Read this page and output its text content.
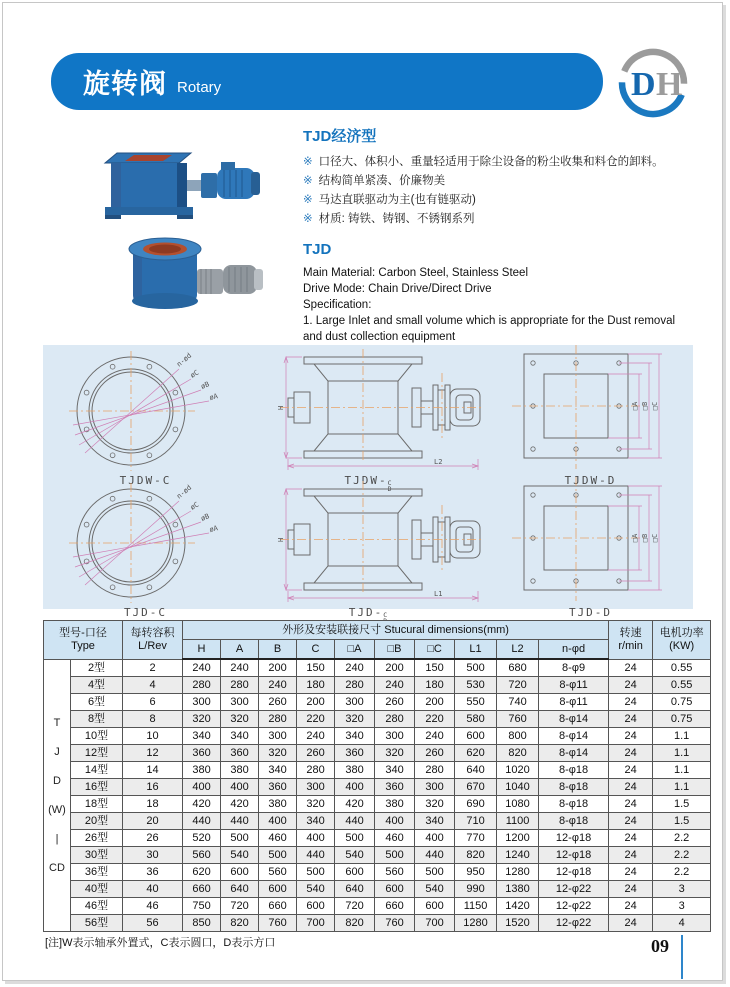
旋转阀 Rotary	D H
TJD经济型
※ 口径大、体积小、重量轻适用于除尘设备的粉尘收集和料仓的卸料。
※ 结构简单紧凑、价廉物美
※ 马达直联驱动为主(也有链驱动)
※ 材质: 铸铁、铸钢、不锈钢系列
TJD
Main Material: Carbon Steel, Stainless Steel
Drive Mode: Chain Drive/Direct Drive
Specification:
1. Large Inlet and small volume which is appropriate for the Dust removal
and dust collection equipment
n-ød
øC
øB
øA
TJDW-C
H
L2
TJDW- C
D
□A □B □C
TJDW-D
n-ød
øC
øB
øA
TJD-C
H
L1
TJD- C
□A □B □C
TJD-D
型号-口径
Type		每转容积
L/Rev	外形及安装联接尺寸 Stucural dimensions(mm)										转速
r/min	电机功率
(KW)
			H	A	B	C	□A	□B	□C	L1	L2	n-φd		

T
J
D
(W)
|
CD
	2型	2	240	240	200	150	240	200	150	500	680	8-φ9	24	0.55
	4型	4	280	280	240	180	280	240	180	530	720	8-φ11	24	0.55
	6型	6	300	300	260	200	300	260	200	550	740	8-φ11	24	0.75
	8型	8	320	320	280	220	320	280	220	580	760	8-φ14	24	0.75
	10型	10	340	340	300	240	340	300	240	600	800	8-φ14	24	1.1
	12型	12	360	360	320	260	360	320	260	620	820	8-φ14	24	1.1
	14型	14	380	380	340	280	380	340	280	640	1020	8-φ18	24	1.1
	16型	16	400	400	360	300	400	360	300	670	1040	8-φ18	24	1.1
	18型	18	420	420	380	320	420	380	320	690	1080	8-φ18	24	1.5
	20型	20	440	440	400	340	440	400	340	710	1100	8-φ18	24	1.5
	26型	26	520	500	460	400	500	460	400	770	1200	12-φ18	24	2.2
	30型	30	560	540	500	440	540	500	440	820	1240	12-φ18	24	2.2
	36型	36	620	600	560	500	600	560	500	950	1280	12-φ18	24	2.2
	40型	40	660	640	600	540	640	600	540	990	1380	12-φ22	24	3
	46型	46	750	720	660	600	720	660	600	1150	1420	12-φ22	24	3
	56型	56	850	820	760	700	820	760	700	1280	1520	12-φ22	24	4
[注]W表示轴承外置式，C表示圆口，D表示方口	09
